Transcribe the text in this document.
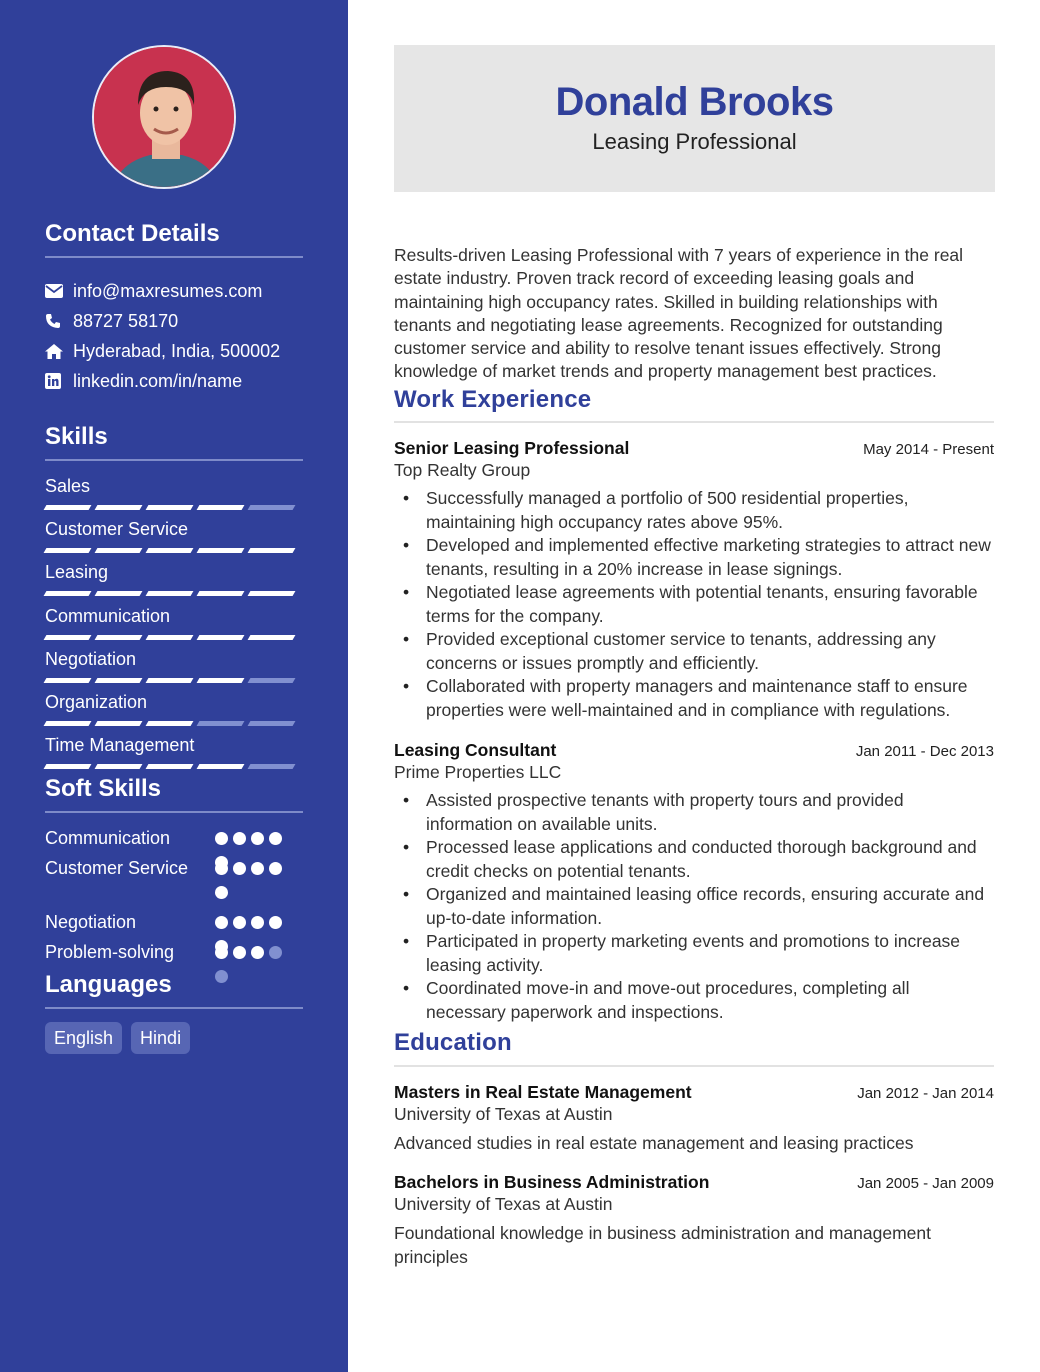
Contact Details
info@maxresumes.com
88727 58170
Hyderabad, India, 500002
linkedin.com/in/name
Skills
Sales
Customer Service
Leasing
Communication
Negotiation
Organization
Time Management
Soft Skills
Communication
Customer Service
Negotiation
Problem-solving
Languages
English	Hindi
Donald Brooks
Leasing Professional
Results-driven Leasing Professional with 7 years of experience in the real estate industry. Proven track record of exceeding leasing goals and maintaining high occupancy rates. Skilled in building relationships with tenants and negotiating lease agreements. Recognized for outstanding customer service and ability to resolve tenant issues effectively. Strong knowledge of market trends and property management best practices.
Work Experience
Senior Leasing Professional	May 2014 - Present
Top Realty Group
• Successfully managed a portfolio of 500 residential properties, maintaining high occupancy rates above 95%.
• Developed and implemented effective marketing strategies to attract new tenants, resulting in a 20% increase in lease signings.
• Negotiated lease agreements with potential tenants, ensuring favorable terms for the company.
• Provided exceptional customer service to tenants, addressing any concerns or issues promptly and efficiently.
• Collaborated with property managers and maintenance staff to ensure properties were well-maintained and in compliance with regulations.
Leasing Consultant	Jan 2011 - Dec 2013
Prime Properties LLC
• Assisted prospective tenants with property tours and provided information on available units.
• Processed lease applications and conducted thorough background and credit checks on potential tenants.
• Organized and maintained leasing office records, ensuring accurate and up-to-date information.
• Participated in property marketing events and promotions to increase leasing activity.
• Coordinated move-in and move-out procedures, completing all necessary paperwork and inspections.
Education
Masters in Real Estate Management	Jan 2012 - Jan 2014
University of Texas at Austin
Advanced studies in real estate management and leasing practices
Bachelors in Business Administration	Jan 2005 - Jan 2009
University of Texas at Austin
Foundational knowledge in business administration and management principles
